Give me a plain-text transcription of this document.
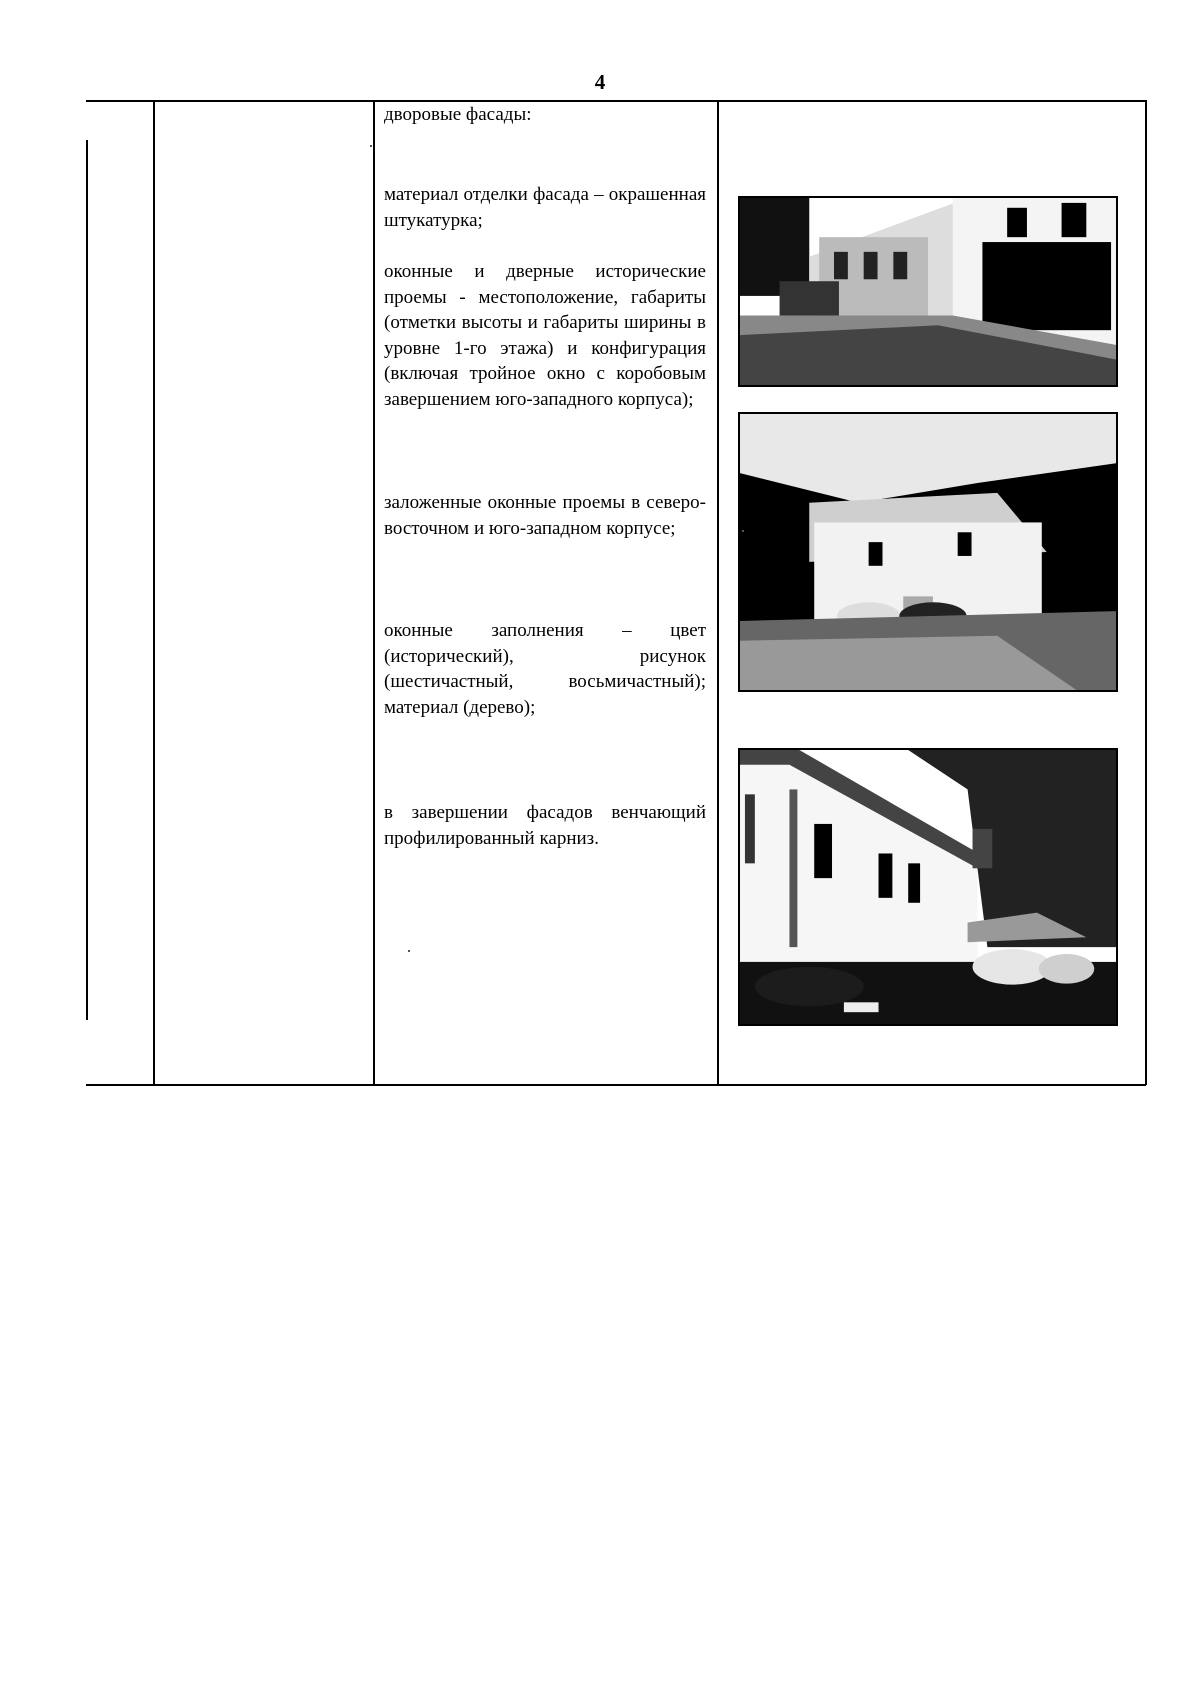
4

дворовые фасады:

материал отделки фасада – окрашенная штукатурка;

оконные и дверные исторические проемы - местоположение, габариты (отметки высоты и габариты ширины в уровне 1-го этажа) и конфигурация (включая тройное окно с коробовым завершением юго-западного корпуса);

заложенные оконные проемы в северо-восточном и юго-западном корпусе;

оконные заполнения – цвет (исторический), рисунок (шестичастный, восьмичастный); материал (дерево);

в завершении фасадов венчающий профилированный карниз.
